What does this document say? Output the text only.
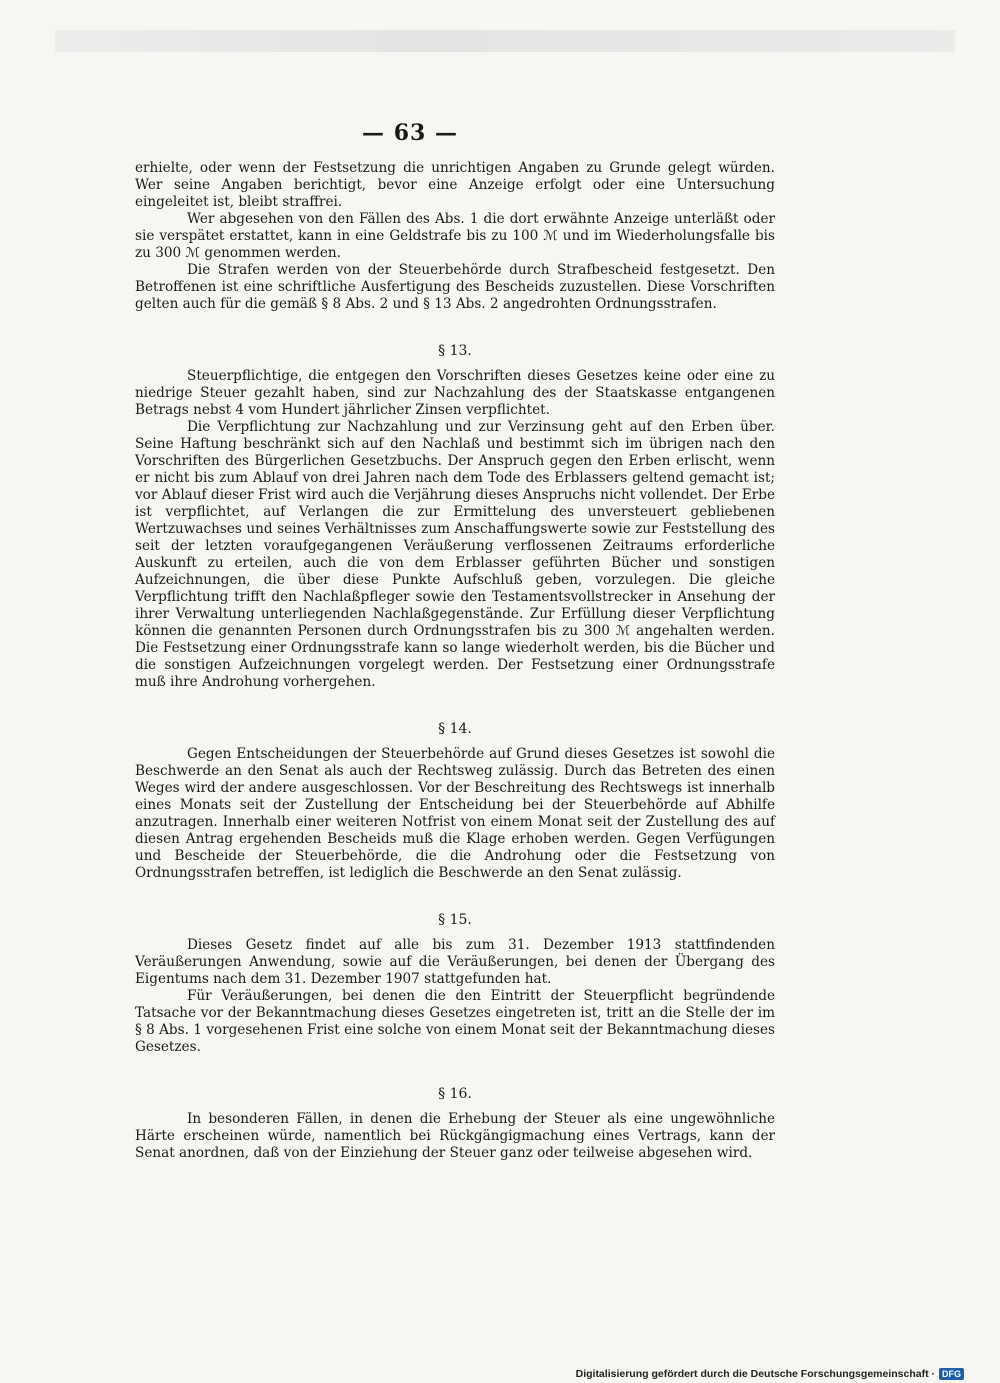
— 63 —

erhielte, oder wenn der Festsetzung die unrichtigen Angaben zu Grunde gelegt würden. Wer seine Angaben berichtigt, bevor eine Anzeige erfolgt oder eine Untersuchung eingeleitet ist, bleibt straffrei.

Wer abgesehen von den Fällen des Abs. 1 die dort erwähnte Anzeige unterläßt oder sie verspätet erstattet, kann in eine Geldstrafe bis zu 100 ℳ und im Wiederholungsfalle bis zu 300 ℳ genommen werden.

Die Strafen werden von der Steuerbehörde durch Strafbescheid festgesetzt. Den Betroffenen ist eine schriftliche Ausfertigung des Bescheids zuzustellen. Diese Vorschriften gelten auch für die gemäß § 8 Abs. 2 und § 13 Abs. 2 angedrohten Ordnungsstrafen.

§ 13.

Steuerpflichtige, die entgegen den Vorschriften dieses Gesetzes keine oder eine zu niedrige Steuer gezahlt haben, sind zur Nachzahlung des der Staatskasse entgangenen Betrags nebst 4 vom Hundert jährlicher Zinsen verpflichtet.

Die Verpflichtung zur Nachzahlung und zur Verzinsung geht auf den Erben über. Seine Haftung beschränkt sich auf den Nachlaß und bestimmt sich im übrigen nach den Vorschriften des Bürgerlichen Gesetzbuchs. Der Anspruch gegen den Erben erlischt, wenn er nicht bis zum Ablauf von drei Jahren nach dem Tode des Erblassers geltend gemacht ist; vor Ablauf dieser Frist wird auch die Verjährung dieses Anspruchs nicht vollendet. Der Erbe ist verpflichtet, auf Verlangen die zur Ermittelung des unversteuert gebliebenen Wertzuwachses und seines Verhältnisses zum Anschaffungswerte sowie zur Feststellung des seit der letzten voraufgegangenen Veräußerung verflossenen Zeitraums erforderliche Auskunft zu erteilen, auch die von dem Erblasser geführten Bücher und sonstigen Aufzeichnungen, die über diese Punkte Aufschluß geben, vorzulegen. Die gleiche Verpflichtung trifft den Nachlaßpfleger sowie den Testamentsvollstrecker in Ansehung der ihrer Verwaltung unterliegenden Nachlaßgegenstände. Zur Erfüllung dieser Verpflichtung können die genannten Personen durch Ordnungsstrafen bis zu 300 ℳ angehalten werden. Die Festsetzung einer Ordnungsstrafe kann so lange wiederholt werden, bis die Bücher und die sonstigen Aufzeichnungen vorgelegt werden. Der Festsetzung einer Ordnungsstrafe muß ihre Androhung vorhergehen.

§ 14.

Gegen Entscheidungen der Steuerbehörde auf Grund dieses Gesetzes ist sowohl die Beschwerde an den Senat als auch der Rechtsweg zulässig. Durch das Betreten des einen Weges wird der andere ausgeschlossen. Vor der Beschreitung des Rechtswegs ist innerhalb eines Monats seit der Zustellung der Entscheidung bei der Steuerbehörde auf Abhilfe anzutragen. Innerhalb einer weiteren Notfrist von einem Monat seit der Zustellung des auf diesen Antrag ergehenden Bescheids muß die Klage erhoben werden. Gegen Verfügungen und Bescheide der Steuerbehörde, die die Androhung oder die Festsetzung von Ordnungsstrafen betreffen, ist lediglich die Beschwerde an den Senat zulässig.

§ 15.

Dieses Gesetz findet auf alle bis zum 31. Dezember 1913 stattfindenden Veräußerungen Anwendung, sowie auf die Veräußerungen, bei denen der Übergang des Eigentums nach dem 31. Dezember 1907 stattgefunden hat.

Für Veräußerungen, bei denen die den Eintritt der Steuerpflicht begründende Tatsache vor der Bekanntmachung dieses Gesetzes eingetreten ist, tritt an die Stelle der im § 8 Abs. 1 vorgesehenen Frist eine solche von einem Monat seit der Bekanntmachung dieses Gesetzes.

§ 16.

In besonderen Fällen, in denen die Erhebung der Steuer als eine ungewöhnliche Härte erscheinen würde, namentlich bei Rückgängigmachung eines Vertrags, kann der Senat anordnen, daß von der Einziehung der Steuer ganz oder teilweise abgesehen wird.

Digitalisierung gefördert durch die Deutsche Forschungsgemeinschaft · DFG
